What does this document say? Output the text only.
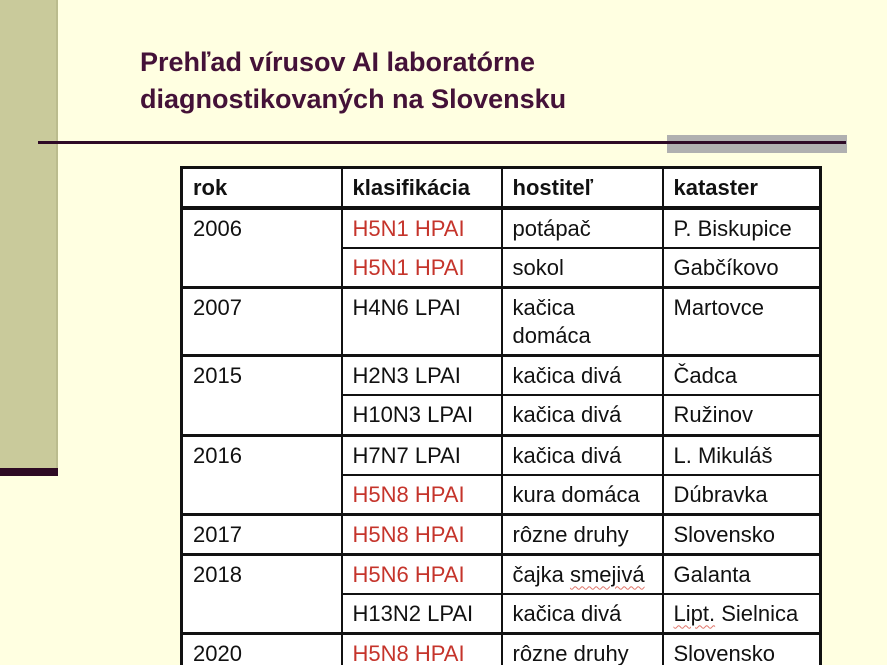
Prehľad vírusov AI laboratórne
diagnostikovaných na Slovensku
rok	klasifikácia	hostiteľ	kataster
2006	H5N1 HPAI	potápač	P. Biskupice
	H5N1 HPAI	sokol	Gabčíkovo
2007	H4N6 LPAI	kačica domáca	Martovce
2015	H2N3 LPAI	kačica divá	Čadca
	H10N3 LPAI	kačica divá	Ružinov
2016	H7N7 LPAI	kačica divá	L. Mikuláš
	H5N8 HPAI	kura domáca	Dúbravka
2017	H5N8 HPAI	rôzne druhy	Slovensko
2018	H5N6 HPAI	čajka smejivá	Galanta
	H13N2 LPAI	kačica divá	Lipt. Sielnica
2020	H5N8 HPAI	rôzne druhy	Slovensko
